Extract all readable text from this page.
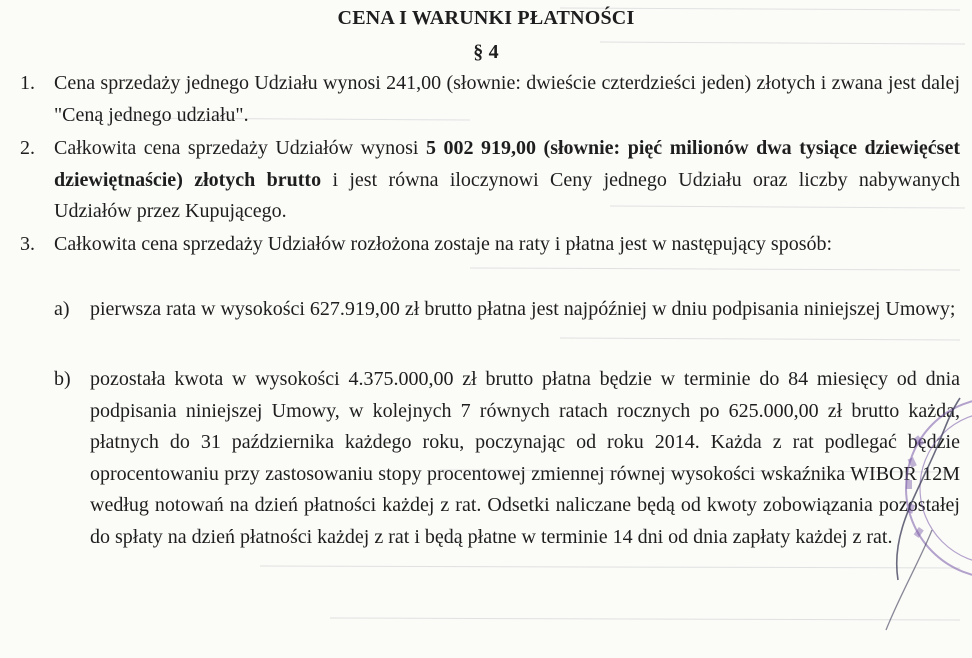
CENA I WARUNKI PŁATNOŚCI
§ 4
1. Cena sprzedaży jednego Udziału wynosi 241,00 (słownie: dwieście czterdzieści jeden) złotych i zwana jest dalej "Ceną jednego udziału".
2. Całkowita cena sprzedaży Udziałów wynosi 5 002 919,00 (słownie: pięć milionów dwa tysiące dziewięćset dziewiętnaście) złotych brutto i jest równa iloczynowi Ceny jednego Udziału oraz liczby nabywanych Udziałów przez Kupującego.
3. Całkowita cena sprzedaży Udziałów rozłożona zostaje na raty i płatna jest w następujący sposób:
a) pierwsza rata w wysokości 627.919,00 zł brutto płatna jest najpóźniej w dniu podpisania niniejszej Umowy;
b) pozostała kwota w wysokości 4.375.000,00 zł brutto płatna będzie w terminie do 84 miesięcy od dnia podpisania niniejszej Umowy, w kolejnych 7 równych ratach rocznych po 625.000,00 zł brutto każda, płatnych do 31 października każdego roku, poczynając od roku 2014. Każda z rat podlegać będzie oprocentowaniu przy zastosowaniu stopy procentowej zmiennej równej wysokości wskaźnika WIBOR 12M według notowań na dzień płatności każdej z rat. Odsetki naliczane będą od kwoty zobowiązania pozostałej do spłaty na dzień płatności każdej z rat i będą płatne w terminie 14 dni od dnia zapłaty każdej z rat.
